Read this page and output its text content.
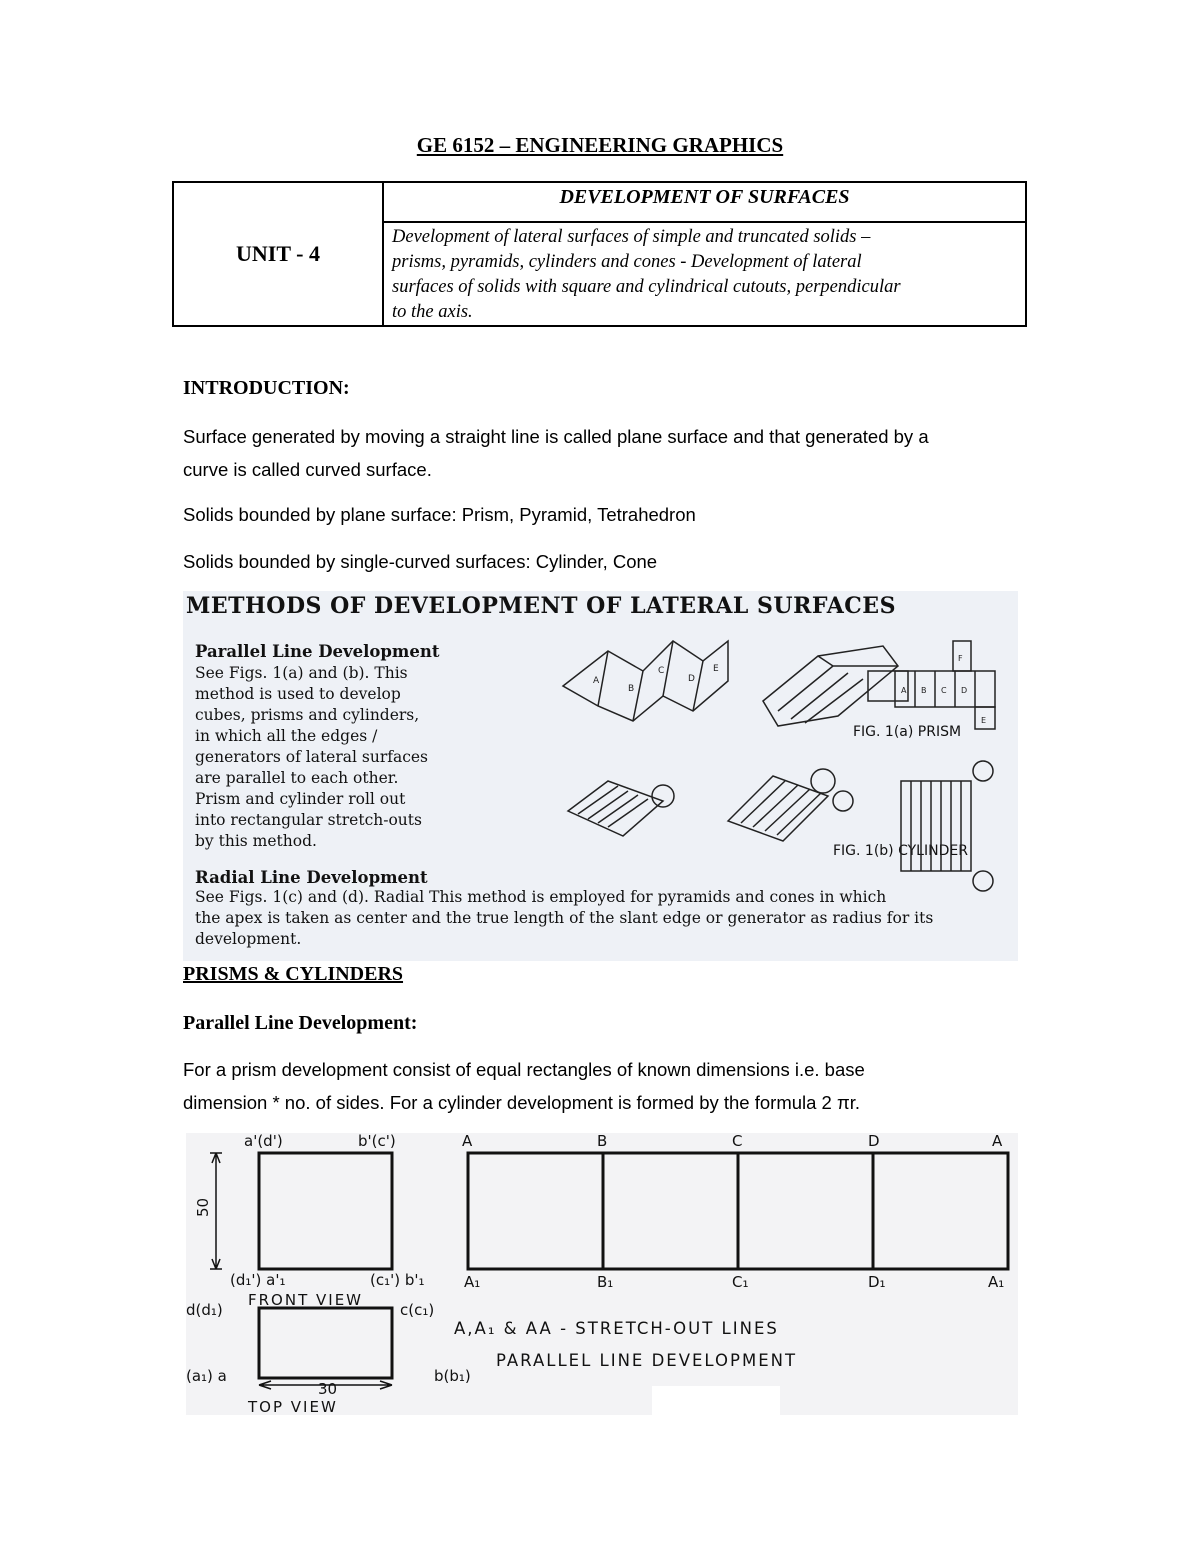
GE 6152 – ENGINEERING GRAPHICS
UNIT - 4	DEVELOPMENT OF SURFACES

Development of lateral surfaces of simple and truncated solids –
prisms, pyramids, cylinders and cones - Development of lateral
surfaces of solids with square and cylindrical cutouts, perpendicular
to the axis.
INTRODUCTION:
Surface generated by moving a straight line is called plane surface and that generated by a
curve is called curved surface.
Solids bounded by plane surface: Prism, Pyramid, Tetrahedron
Solids bounded by single-curved surfaces: Cylinder, Cone
METHODS OF DEVELOPMENT OF LATERAL SURFACES
Parallel Line Development
See Figs. 1(a) and (b). This
method is used to develop
cubes, prisms and cylinders,
in which all the edges /
generators of lateral surfaces
are parallel to each other.
Prism and cylinder roll out
into rectangular stretch-outs
by this method.
A
B
C
D
E
FIG. 1(a) PRISM
FIG. 1(b) CYLINDER
F
A B C D
E
Radial Line Development
See Figs. 1(c) and (d). Radial This method is employed for pyramids and cones in which
the apex is taken as center and the true length of the slant edge or generator as radius for its
development.
PRISMS & CYLINDERS
Parallel Line Development:
For a prism development consist of equal rectangles of known dimensions i.e. base
dimension * no. of sides. For a cylinder development is formed by the formula 2 πr.
a'(d')	b'(c')
(d₁') a'₁	(c₁') b'₁
50
FRONT VIEW
d(d₁)	c(c₁)
(a₁) a	b(b₁)
30
TOP VIEW
A	B	C	D	A
A₁	B₁	C₁	D₁	A₁
A,A₁ & AA - STRETCH-OUT LINES
PARALLEL LINE DEVELOPMENT
